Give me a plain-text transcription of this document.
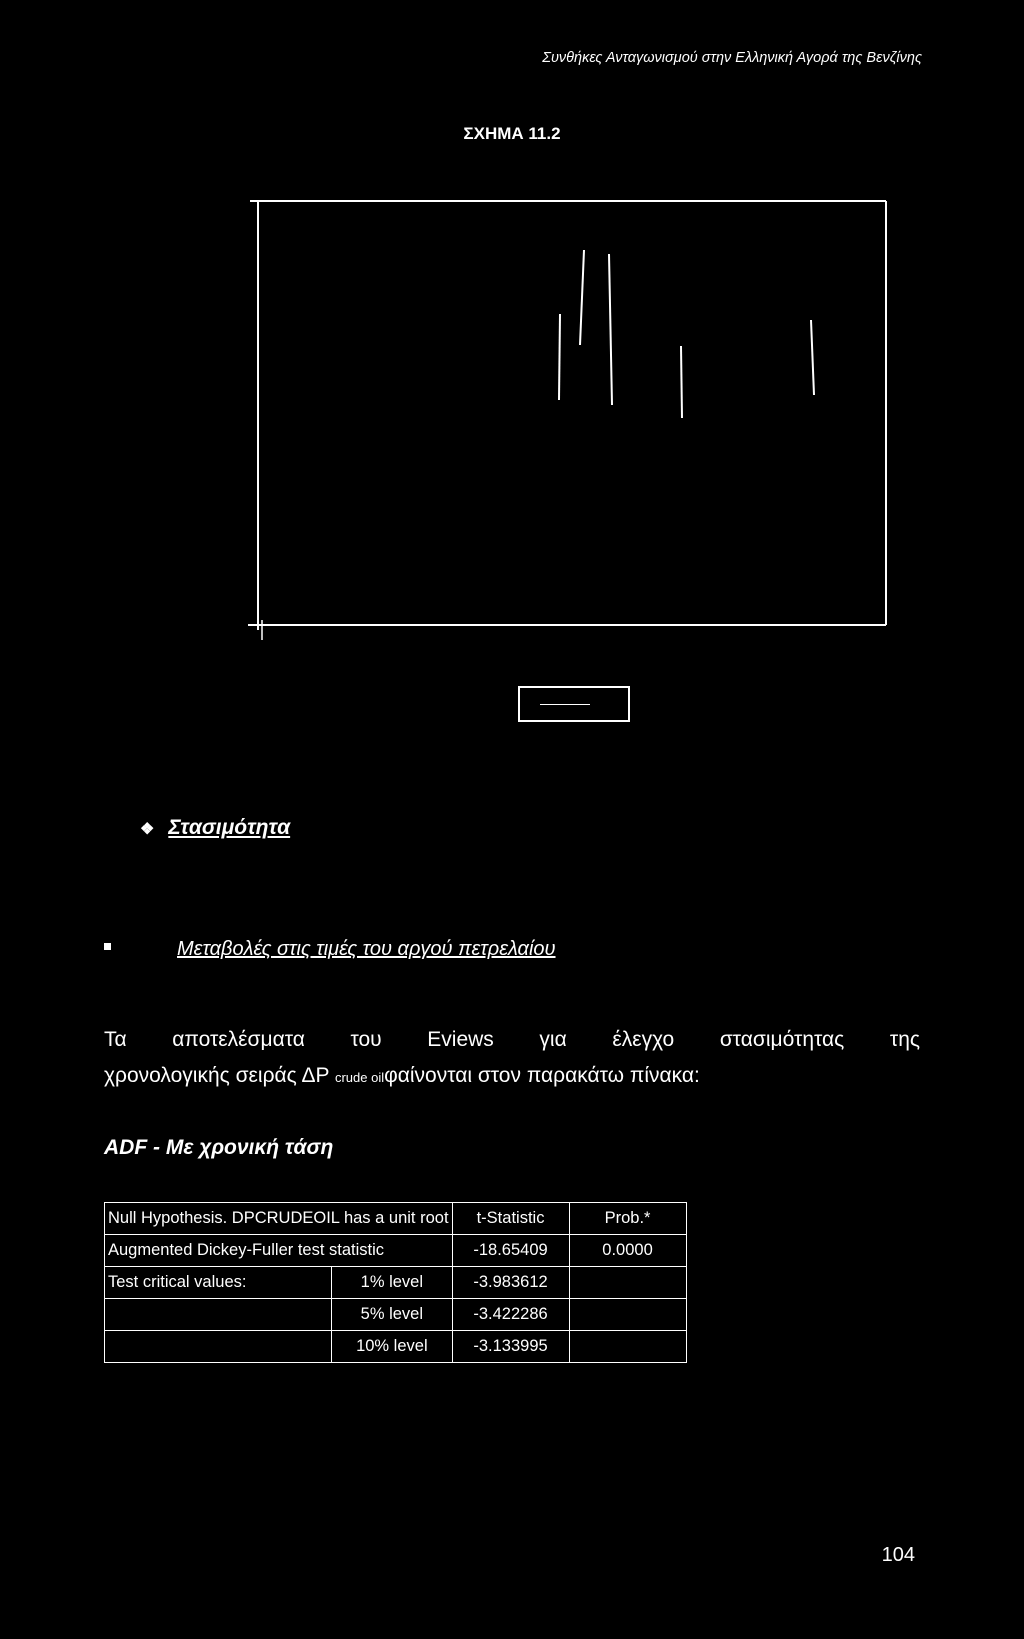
Συνθήκες Ανταγωνισμού στην Ελληνική Αγορά της Βενζίνης
ΣΧΗΜΑ 11.2
❖ Στασιμότητα
Μεταβολές στις τιμές του αργού πετρελαίου
Τα αποτελέσματα του Eviews για έλεγχο στασιμότητας της
χρονολογικής σειράς ΔP crude oilφαίνονται στον παρακάτω πίνακα:
ADF - Με χρονική τάση
Null Hypothesis. DPCRUDEOIL has a unit root		t-Statistic	Prob.*
Augmented Dickey-Fuller test statistic		-18.65409	0.0000
Test critical values:	1% level	-3.983612	
	5% level	-3.422286	
	10% level	-3.133995	
104
